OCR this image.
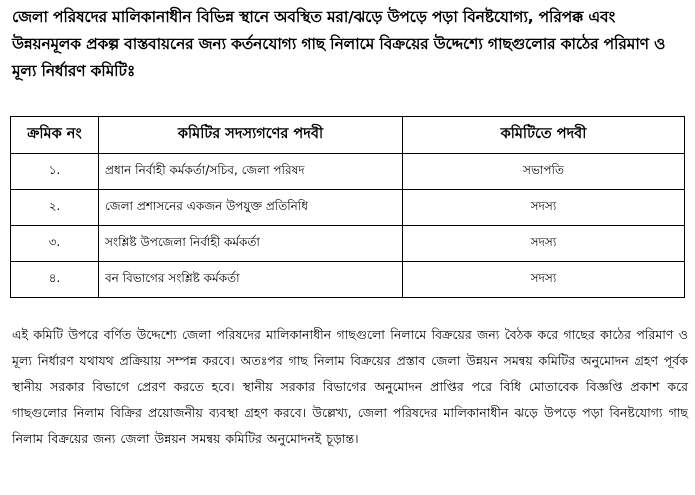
জেলা পরিষদের মালিকানাধীন বিভিন্ন স্থানে অবস্থিত মরা/ঝড়ে উপড়ে পড়া বিনষ্টযোগ্য, পরিপক্ক এবং উন্নয়নমূলক প্রকল্প বাস্তবায়নের জন্য কর্তনযোগ্য গাছ নিলামে বিক্রয়ের উদ্দেশ্যে গাছগুলোর কাঠের পরিমাণ ও মূল্য নির্ধারণ কমিটিঃ
ক্রমিক নং	কমিটির সদস্যগণের পদবী	কমিটিতে পদবী
১.	প্রধান নির্বাহী কর্মকর্তা/সচিব, জেলা পরিষদ	সভাপতি
২.	জেলা প্রশাসনের একজন উপযুক্ত প্রতিনিধি	সদস্য
৩.	সংশ্লিষ্ট উপজেলা নির্বাহী কর্মকর্তা	সদস্য
৪.	বন বিভাগের সংশ্লিষ্ট কর্মকর্তা	সদস্য
এই কমিটি উপরে বর্ণিত উদ্দেশ্যে জেলা পরিষদের মালিকানাধীন গাছগুলো নিলামে বিক্রয়ের জন্য বৈঠক করে গাছের কাঠের পরিমাণ ও মূল্য নির্ধারণ যথাযথ প্রক্রিয়ায় সম্পন্ন করবে। অতঃপর গাছ নিলাম বিক্রয়ের প্রস্তাব জেলা উন্নয়ন সমন্বয় কমিটির অনুমোদন গ্রহণ পূর্বক স্থানীয় সরকার বিভাগে প্রেরণ করতে হবে। স্থানীয় সরকার বিভাগের অনুমোদন প্রাপ্তির পরে বিধি মোতাবেক বিজ্ঞপ্তি প্রকাশ করে গাছগুলোর নিলাম বিক্রির প্রয়োজনীয় ব্যবস্থা গ্রহণ করবে। উল্লেখ্য, জেলা পরিষদের মালিকানাধীন ঝড়ে উপড়ে পড়া বিনষ্টযোগ্য গাছ নিলাম বিক্রয়ের জন্য জেলা উন্নয়ন সমন্বয় কমিটির অনুমোদনই চূড়ান্ত।
